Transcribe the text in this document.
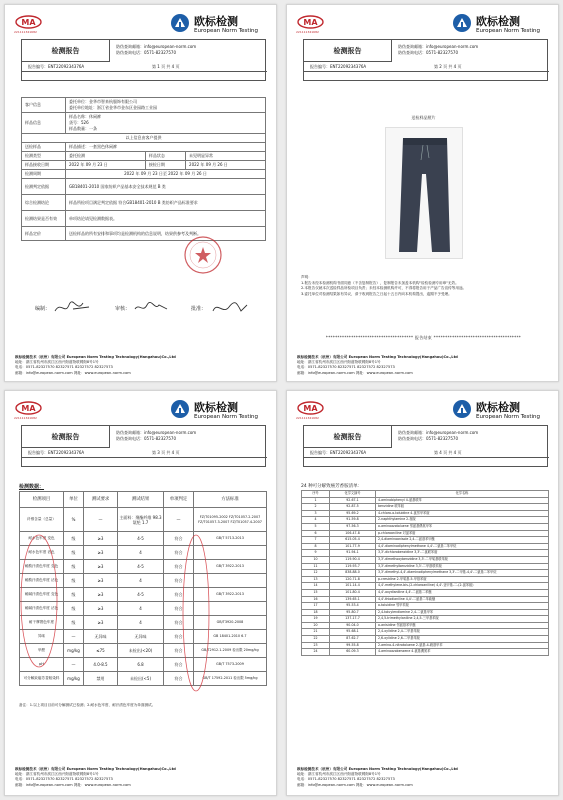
MA
221111341682
欧标检测
European Norm Testing
检测报告
防伪查询邮箱：info@european-norm.com
防伪查询电话：0571-82327570
报告编号：ENT2209234376A	第 1 页 共 4 页
客户信息	委托单位：金华市智来杭服饰有限公司
委托单位地址：浙江省金华市金东区金园路工业园		

样品信息	样品名称：休闲裤
货号：526
样品数量：一条		

以上信息由客户提供			
送检样品	样品描述：一套黑色休闲裤		
检测类型	委托检测	样品状态	未见明显异常
样品接收日期	2022 年 09 月 23 日	接检日期	2022 年 09 月 26 日
检测周期	2022 年 09 月 23 日至 2022 年 09 月 26 日		
检测判定依据	GB18401-2010 国家纺织产品基本安全技术规范 B 类		
综合检测结论	样品所检项目满足判定依据 符合GB18401-2010 B 类纺织产品标准要求		
检测结果是否有效	单项结论请见检测数据表。		
样品定价	送检样品的所有安排和事项均是检测机构的信息说明，结果供参考及判断。		
编制：	审核：	批准：
欧标检测技术（杭州）有限公司 European Norm Testing Technology(Hangzhou)Co.,Ltd
地址：浙江省杭州市滨江区西兴街道物联网街8号1号
电话：0571-82327570 82327571 82327572 82327573
邮箱：info@european-norm.com 网址：www.european-norm.com
MA
221111341682
欧标检测
European Norm Testing
检测报告
防伪查询邮箱：info@european-norm.com
防伪查询电话：0571-82327570
报告编号：ENT2209234376A	第 2 页 共 4 页
送检样品照片
声明：
1.报告未经本检测机构书面同意（不含复制报告），复制报告未加盖本机构"检验检测专用章"无效。
2.本报告仅就本次送检样品所检项目负责；未经本检测机构许可，不得将报告用于产品广告宣传等用途。
3.委托单位对检测结果如有异议，请于收到报告之日起十五日内向本机构提出，逾期不予受理。
************************************** 报告结束 **************************************
欧标检测技术（杭州）有限公司 European Norm Testing Technology(Hangzhou)Co.,Ltd
地址：浙江省杭州市滨江区西兴街道物联网街8号1号
电话：0571-82327570 82327571 82327572 82327573
邮箱：info@european-norm.com 网址：www.european-norm.com
MA
221111341682
欧标检测
European Norm Testing
检测报告
防伪查询邮箱：info@european-norm.com
防伪查询电话：0571-82327570
报告编号：ENT2209234376A	第 3 页 共 4 页
检测数据：
检测项目	单位	测试要求	测试结果	单项判定	方法标准
纤维含量（总量）	%	—	主面料：聚酯纤维 98.3 氨纶 1.7	—	FZ/T01095-2002 FZ/T01057.2-2007 FZ/T01057.3-2007 FZ/T01057.4-2007
耐水色牢度 变色	级	≥3	4-5	符合	GB/T 5713-2013
耐水色牢度 沾色	级	≥3	4	符合	
耐酸汗渍色牢度 变色	级	≥3	4-5	符合	GB/T 3922-2013
耐酸汗渍色牢度 沾色	级	≥3	4	符合	
耐碱汗渍色牢度 变色	级	≥3	4-5	符合	GB/T 3922-2013
耐碱汗渍色牢度 沾色	级	≥3	4	符合	
耐干摩擦色牢度	级	≥3	4	符合	GB/T3920-2008
异味	—	无异味	无异味	符合	GB 18401-2010 6.7
甲醛	mg/kg	≤75	未检出(<20)	符合	GB/T2912.1-2009 检出限 20mg/kg
pH	—	4.0-8.5	6.8	符合	GB/T 7573-2009
可分解致癌芳香胺染料	mg/kg	禁用	未检出(<5)	符合	GB/T 17592-2011 检出限 5mg/kg
备注：1.以上项目目前可分解测试已检测；2.耐水色牢度、耐汗渍色牢度为单面测试。
欧标检测技术（杭州）有限公司 European Norm Testing Technology(Hangzhou)Co.,Ltd
地址：浙江省杭州市滨江区西兴街道物联网街8号1号
电话：0571-82327570 82327571 82327572 82327573
邮箱：info@european-norm.com 网址：www.european-norm.com
MA
221111341682
欧标检测
European Norm Testing
检测报告
防伪查询邮箱：info@european-norm.com
防伪查询电话：0571-82327570
报告编号：ENT2209234376A	第 4 页 共 4 页
24 种可分解致癌芳香胺清单：
序号	化学文摘号	化学名称
1	92-67-1	4-aminobiphenyl 4-氨基联苯
2	92-87-5	benzidine 联苯胺
3	95-69-2	4-chloro-o-toluidine 4-氯邻甲苯胺
4	91-59-8	2-naphthylamine 2-萘胺
5	97-56-3	o-aminoazotoluene 邻氨基偶氮甲苯
6	106-47-8	p-chloroaniline 对氯苯胺
7	615-05-4	2,4-diaminoanisole 2,4-二氨基苯甲醚
8	101-77-9	4,4'-diaminodiphenylmethane 4,4'-二氨基二苯甲烷
9	91-94-1	3,3'-dichlorobenzidine 3,3'-二氯联苯胺
10	119-90-4	3,3'-dimethoxybenzidine 3,3'-二甲氧基联苯胺
11	119-93-7	3,3'-dimethylbenzidine 3,3'-二甲基联苯胺
12	838-88-0	3,3'-dimethyl-4,4'-diaminodiphenylmethane 3,3'-二甲基-4,4'-二氨基二苯甲烷
13	120-71-8	p-cresidine 2-甲氧基-5-甲基苯胺
14	101-14-4	4,4'-methylene-bis-(2-chloroaniline) 4,4'-亚甲基-二-(2-氯苯胺)
15	101-80-4	4,4'-oxydianiline 4,4'-二氨基二苯醚
16	139-65-1	4,4'-thiodianiline 4,4'-二氨基二苯硫醚
17	95-53-4	o-toluidine 邻甲苯胺
18	95-80-7	2,4-toluylendiamine 2,4-二氨基甲苯
19	137-17-7	2,4,5-trimethylaniline 2,4,5-三甲基苯胺
20	90-04-0	o-anisidine 邻氨基苯甲醚
21	95-68-1	2,4-xylidine 2,4-二甲基苯胺
22	87-62-7	2,6-xylidine 2,6-二甲基苯胺
23	99-55-8	2-amino-4-nitrotoluene 2-氨基-4-硝基甲苯
24	60-09-3	4-aminoazobenzene 4-氨基偶氮苯
欧标检测技术（杭州）有限公司 European Norm Testing Technology(Hangzhou)Co.,Ltd
地址：浙江省杭州市滨江区西兴街道物联网街8号1号
电话：0571-82327570 82327571 82327572 82327573
邮箱：info@european-norm.com 网址：www.european-norm.com
